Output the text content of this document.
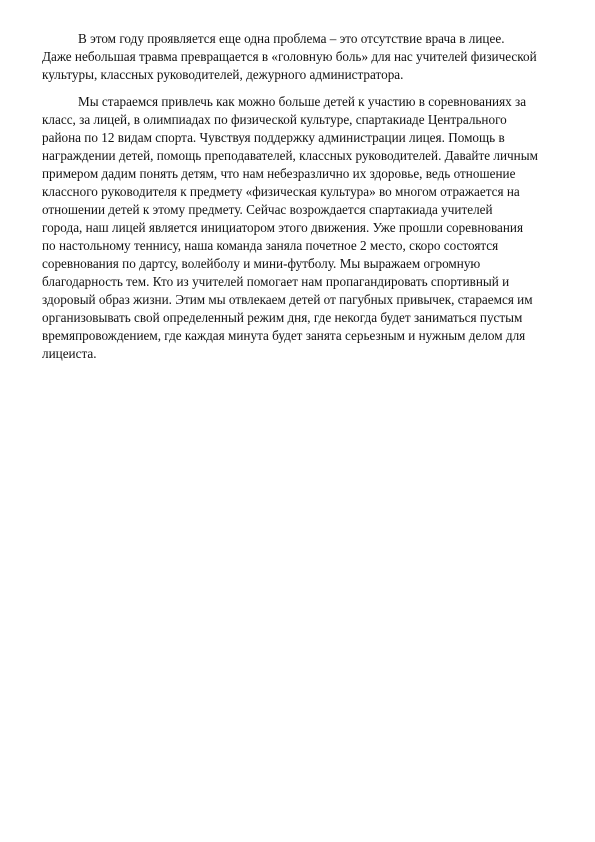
В этом году проявляется еще одна проблема – это отсутствие врача в лицее.
Даже небольшая травма превращается в «головную боль» для нас учителей физической
культуры, классных руководителей, дежурного администратора.
Мы стараемся привлечь как можно больше детей к участию в соревнованиях за
класс, за лицей, в олимпиадах по физической культуре, спартакиаде Центрального
района по 12 видам спорта. Чувствуя поддержку администрации лицея. Помощь в
награждении детей, помощь преподавателей, классных руководителей. Давайте личным
примером дадим понять детям, что нам небезразлично их здоровье, ведь отношение
классного руководителя к предмету «физическая культура» во многом отражается на
отношении детей к этому предмету. Сейчас возрождается спартакиада учителей
города, наш лицей является инициатором этого движения. Уже прошли соревнования
по настольному теннису, наша команда заняла почетное 2 место, скоро состоятся
соревнования по дартсу, волейболу и мини-футболу. Мы выражаем огромную
благодарность тем. Кто из учителей помогает нам пропагандировать спортивный и
здоровый образ жизни. Этим мы отвлекаем детей от пагубных привычек, стараемся им
организовывать свой определенный режим дня, где некогда будет заниматься пустым
времяпровождением, где каждая минута будет занята серьезным и нужным делом для
лицеиста.
